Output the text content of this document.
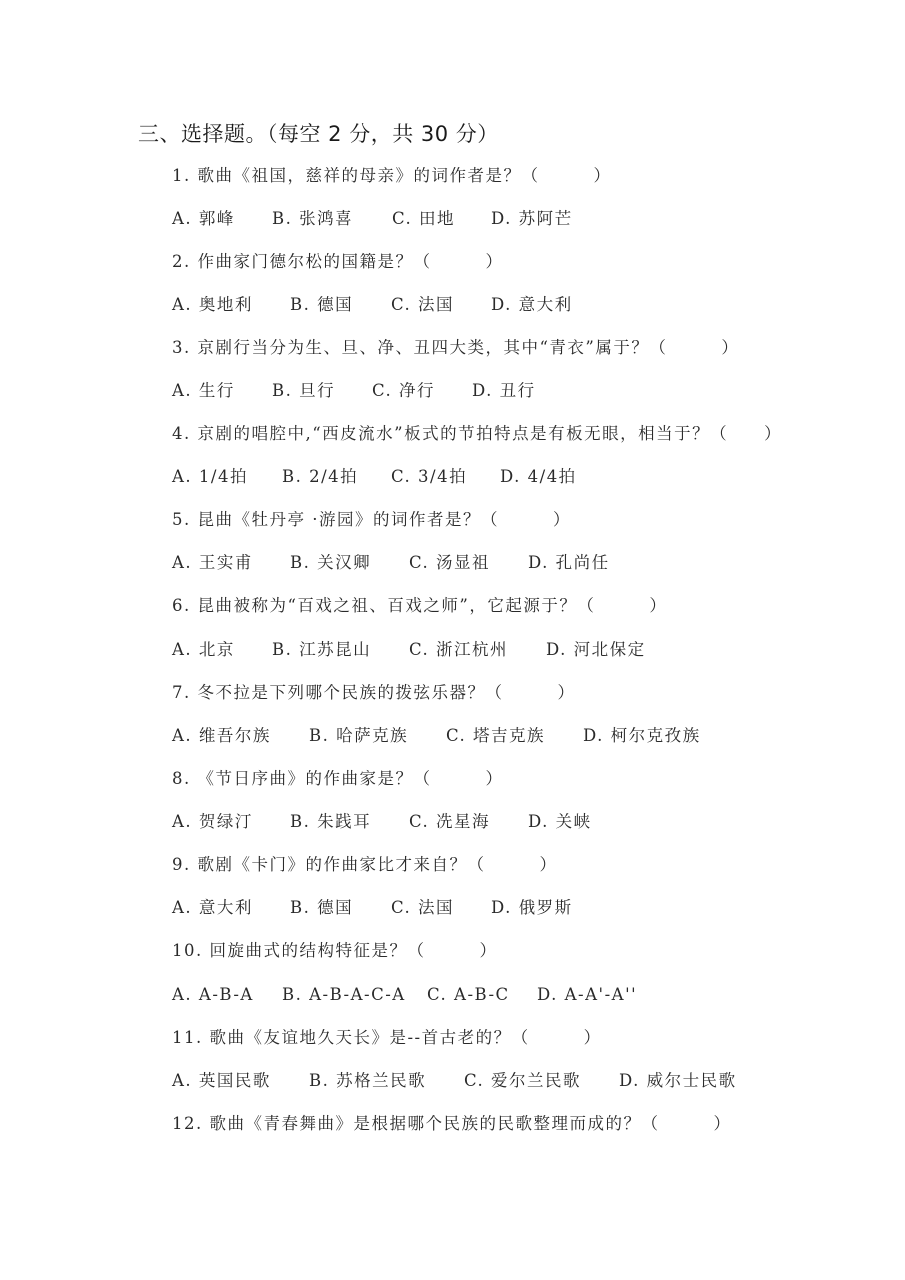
三、选择题。（每空 2 分，共 30 分）
1. 歌曲《祖国，慈祥的母亲》的词作者是？（　　　）
A. 郭峰 B. 张鸿喜 C. 田地 D. 苏阿芒
2. 作曲家门德尔松的国籍是？（　　　）
A. 奥地利 B. 德国 C. 法国 D. 意大利
3. 京剧行当分为生、旦、净、丑四大类，其中“青衣”属于？（　　　）
A. 生行 B. 旦行 C. 净行 D. 丑行
4. 京剧的唱腔中,“西皮流水”板式的节拍特点是有板无眼，相当于？（　　）
A. 1/4拍 B. 2/4拍 C. 3/4拍 D. 4/4拍
5. 昆曲《牡丹亭 ·游园》的词作者是？（　　　）
A. 王实甫 B. 关汉卿 C. 汤显祖 D. 孔尚任
6. 昆曲被称为“百戏之祖、百戏之师”，它起源于？（　　　）
A. 北京 B. 江苏昆山 C. 浙江杭州 D. 河北保定
7. 冬不拉是下列哪个民族的拨弦乐器？（　　　）
A. 维吾尔族 B. 哈萨克族 C. 塔吉克族 D. 柯尔克孜族
8. 《节日序曲》的作曲家是？（　　　）
A. 贺绿汀 B. 朱践耳 C. 冼星海 D. 关峡
9. 歌剧《卡门》的作曲家比才来自？（　　　）
A. 意大利 B. 德国 C. 法国 D. 俄罗斯
10. 回旋曲式的结构特征是？（　　　）
A. A-B-A B. A-B-A-C-A C. A-B-C D. A-A'-A''
11. 歌曲《友谊地久天长》是--首古老的？（　　　）
A. 英国民歌 B. 苏格兰民歌 C. 爱尔兰民歌 D. 威尔士民歌
12. 歌曲《青春舞曲》是根据哪个民族的民歌整理而成的？（　　　）
